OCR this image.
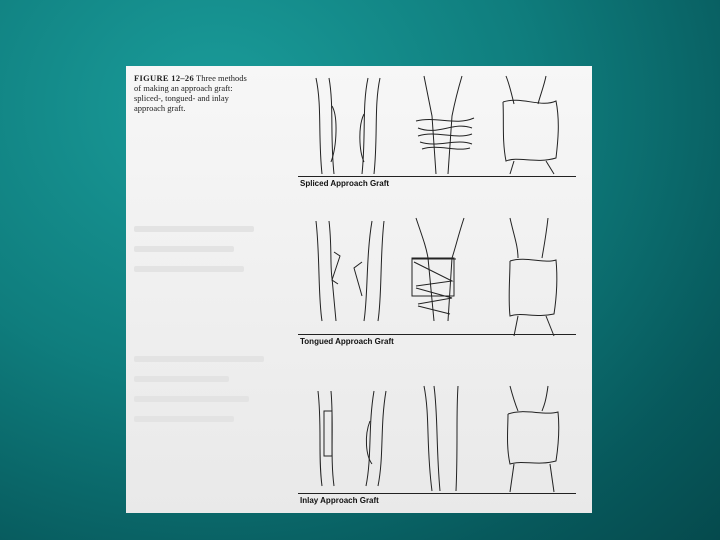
FIGURE 12–26 Three methods of making an approach graft: spliced-, tongued- and inlay approach graft.
Spliced Approach Graft
Tongued Approach Graft
Inlay Approach Graft
